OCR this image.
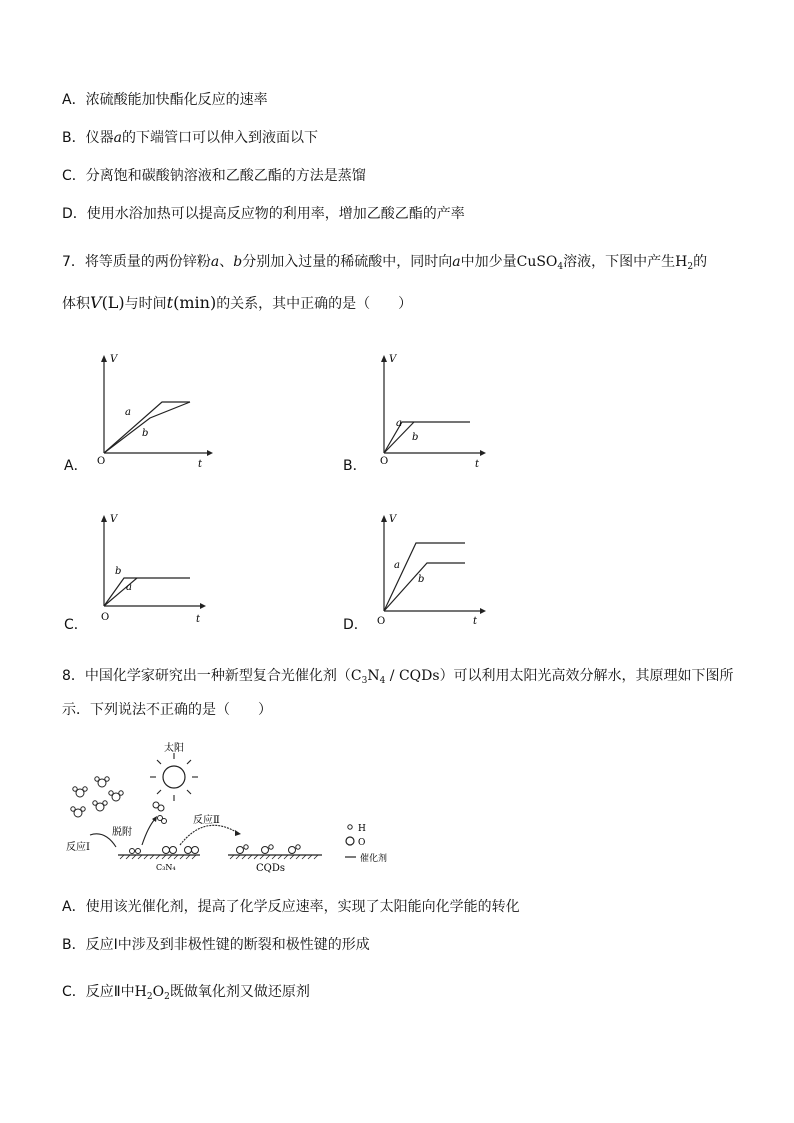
A．浓硫酸能加快酯化反应的速率
B．仪器a的下端管口可以伸入到液面以下
C．分离饱和碳酸钠溶液和乙酸乙酯的方法是蒸馏
D．使用水浴加热可以提高反应物的利用率，增加乙酸乙酯的产率
7．将等质量的两份锌粉a、b分别加入过量的稀硫酸中，同时向a中加少量CuSO$_4$溶液，下图中产生$H_2$的
体积V(L)与时间t(min)的关系，其中正确的是（　　）
A．
V
t
O
a
b
B．
V
t
O
a
b
C．
V
t
O
b
a
D．
V
t
O
a
b
8．中国化学家研究出一种新型复合光催化剂（$C_3N_4$ / CQDs）可以利用太阳光高效分解水，其原理如下图所
示．下列说法不正确的是（　　）
太阳
反应Ⅰ
脱附
反应Ⅱ
C₃N₄	CQDs
H
O
催化剂
A．使用该光催化剂，提高了化学反应速率，实现了太阳能向化学能的转化
B．反应Ⅰ中涉及到非极性键的断裂和极性键的形成
C．反应Ⅱ中$H_2O_2$既做氧化剂又做还原剂
